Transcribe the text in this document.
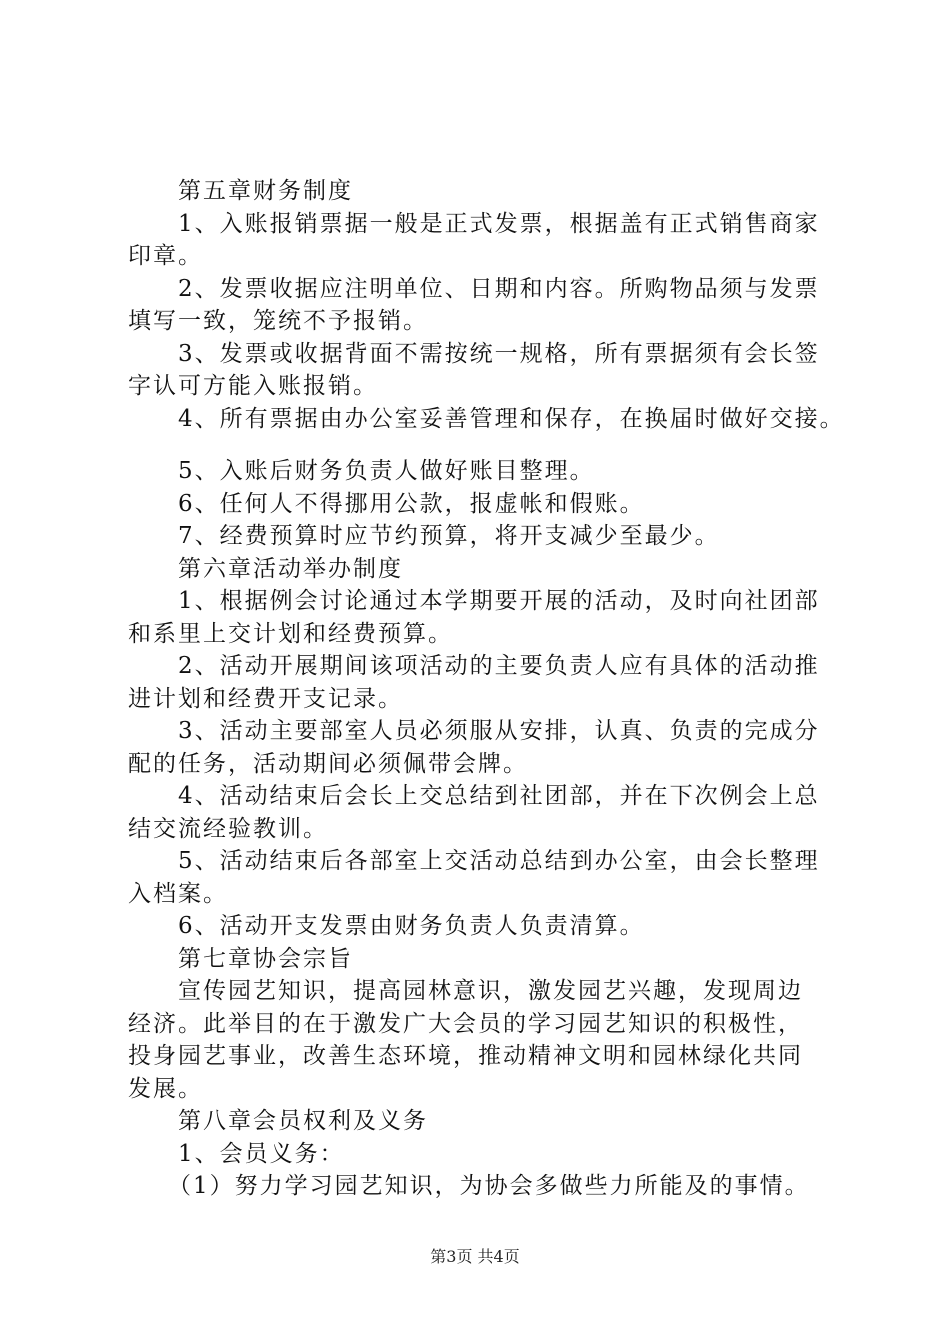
第五章财务制度
1、入账报销票据一般是正式发票，根据盖有正式销售商家
印章。
2、发票收据应注明单位、日期和内容。所购物品须与发票
填写一致，笼统不予报销。
3、发票或收据背面不需按统一规格，所有票据须有会长签
字认可方能入账报销。
4、所有票据由办公室妥善管理和保存，在换届时做好交接。
5、入账后财务负责人做好账目整理。
6、任何人不得挪用公款，报虚帐和假账。
7、经费预算时应节约预算，将开支减少至最少。
第六章活动举办制度
1、根据例会讨论通过本学期要开展的活动，及时向社团部
和系里上交计划和经费预算。
2、活动开展期间该项活动的主要负责人应有具体的活动推
进计划和经费开支记录。
3、活动主要部室人员必须服从安排，认真、负责的完成分
配的任务，活动期间必须佩带会牌。
4、活动结束后会长上交总结到社团部，并在下次例会上总
结交流经验教训。
5、活动结束后各部室上交活动总结到办公室，由会长整理
入档案。
6、活动开支发票由财务负责人负责清算。
第七章协会宗旨
宣传园艺知识，提高园林意识，激发园艺兴趣，发现周边
经济。此举目的在于激发广大会员的学习园艺知识的积极性，
投身园艺事业，改善生态环境，推动精神文明和园林绿化共同
发展。
第八章会员权利及义务
1、会员义务：
（1）努力学习园艺知识，为协会多做些力所能及的事情。
第3页 共4页
